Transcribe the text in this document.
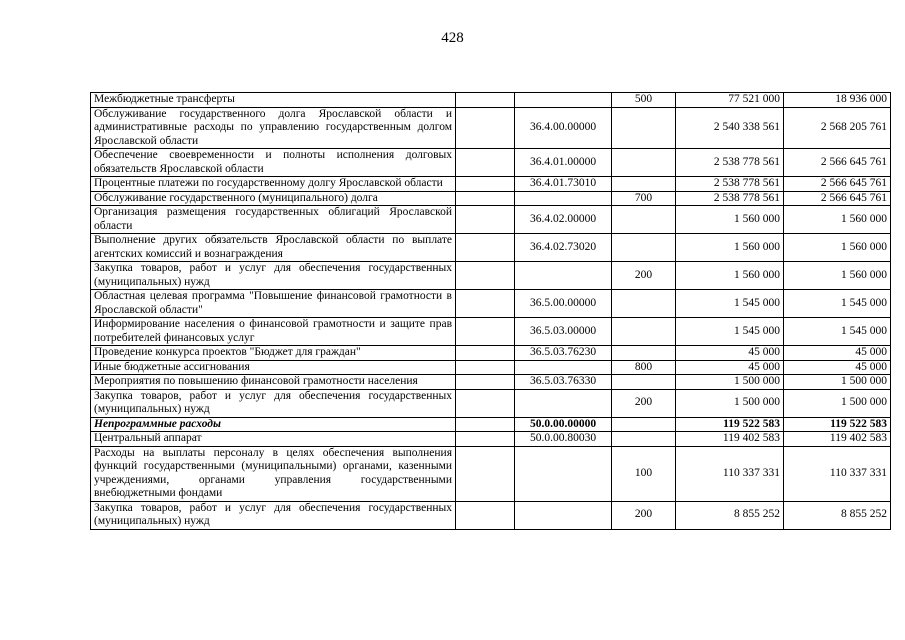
428
Межбюджетные трансферты			500	77 521 000	18 936 000
Обслуживание государственного долга Ярославской области и административные расходы по управлению государственным долгом Ярославской области		36.4.00.00000		2 540 338 561	2 568 205 761
Обеспечение своевременности и полноты исполнения долговых обязательств Ярославской области		36.4.01.00000		2 538 778 561	2 566 645 761
Процентные платежи по государственному долгу Ярославской области		36.4.01.73010		2 538 778 561	2 566 645 761
Обслуживание государственного (муниципального) долга			700	2 538 778 561	2 566 645 761
Организация размещения государственных облигаций Ярославской области		36.4.02.00000		1 560 000	1 560 000
Выполнение других обязательств Ярославской области по выплате агентских комиссий и вознаграждения		36.4.02.73020		1 560 000	1 560 000
Закупка товаров, работ и услуг для обеспечения государственных (муниципальных) нужд			200	1 560 000	1 560 000
Областная целевая программа "Повышение финансовой грамотности в Ярославской области"		36.5.00.00000		1 545 000	1 545 000
Информирование населения о финансовой грамотности и защите прав потребителей финансовых услуг		36.5.03.00000		1 545 000	1 545 000
Проведение конкурса проектов "Бюджет для граждан"		36.5.03.76230		45 000	45 000
Иные бюджетные ассигнования			800	45 000	45 000
Мероприятия по повышению финансовой грамотности населения		36.5.03.76330		1 500 000	1 500 000
Закупка товаров, работ и услуг для обеспечения государственных (муниципальных) нужд			200	1 500 000	1 500 000
Непрограммные расходы		50.0.00.00000		119 522 583	119 522 583
Центральный аппарат		50.0.00.80030		119 402 583	119 402 583
Расходы на выплаты персоналу в целях обеспечения выполнения функций государственными (муниципальными) органами, казенными учреждениями, органами управления государственными внебюджетными фондами			100	110 337 331	110 337 331
Закупка товаров, работ и услуг для обеспечения государственных (муниципальных) нужд			200	8 855 252	8 855 252
